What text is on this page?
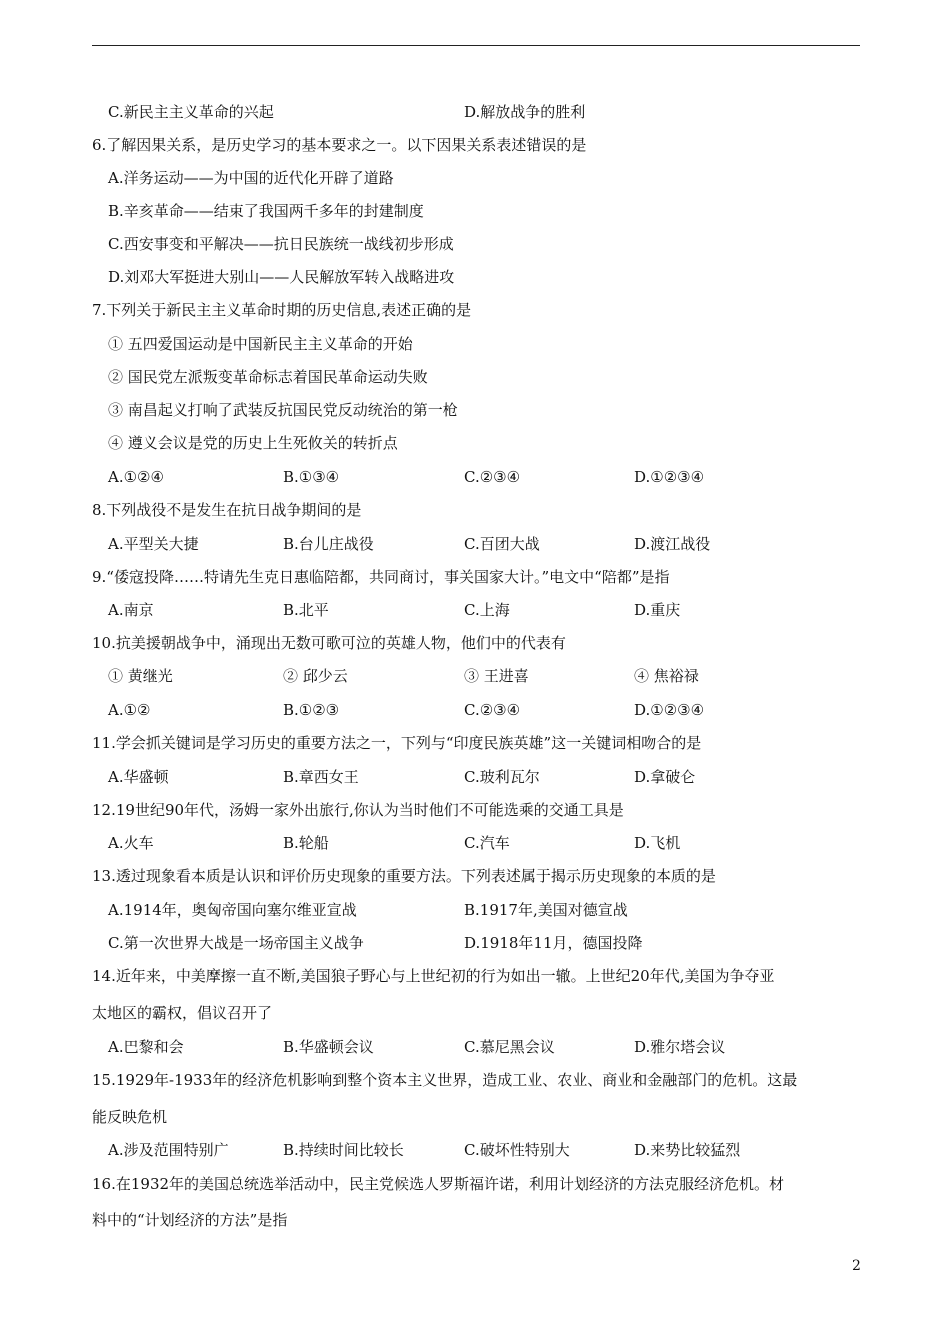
C.新民主主义革命的兴起	D.解放战争的胜利
6.了解因果关系，是历史学习的基本要求之一。以下因果关系表述错误的是
A.洋务运动——为中国的近代化开辟了道路
B.辛亥革命——结束了我国两千多年的封建制度
C.西安事变和平解决——抗日民族统一战线初步形成
D.刘邓大军挺进大别山——人民解放军转入战略进攻
7.下列关于新民主主义革命时期的历史信息,表述正确的是
① 五四爱国运动是中国新民主主义革命的开始
② 国民党左派叛变革命标志着国民革命运动失败
③ 南昌起义打响了武装反抗国民党反动统治的第一枪
④ 遵义会议是党的历史上生死攸关的转折点
A.①②④	B.①③④	C.②③④	D.①②③④
8.下列战役不是发生在抗日战争期间的是
A.平型关大捷	B.台儿庄战役	C.百团大战	D.渡江战役
9.“倭寇投降……特请先生克日惠临陪都，共同商讨，事关国家大计。”电文中“陪都”是指
A.南京	B.北平	C.上海	D.重庆
10.抗美援朝战争中，涌现出无数可歌可泣的英雄人物，他们中的代表有
① 黄继光	② 邱少云	③ 王进喜	④ 焦裕禄
A.①②	B.①②③	C.②③④	D.①②③④
11.学会抓关键词是学习历史的重要方法之一，下列与“印度民族英雄”这一关键词相吻合的是
A.华盛顿	B.章西女王	C.玻利瓦尔	D.拿破仑
12.19世纪90年代，汤姆一家外出旅行,你认为当时他们不可能选乘的交通工具是
A.火车	B.轮船	C.汽车	D.飞机
13.透过现象看本质是认识和评价历史现象的重要方法。下列表述属于揭示历史现象的本质的是
A.1914年，奥匈帝国向塞尔维亚宣战	B.1917年,美国对德宣战
C.第一次世界大战是一场帝国主义战争	D.1918年11月，德国投降
14.近年来，中美摩擦一直不断,美国狼子野心与上世纪初的行为如出一辙。上世纪20年代,美国为争夺亚
太地区的霸权，倡议召开了
A.巴黎和会	B.华盛顿会议	C.慕尼黑会议	D.雅尔塔会议
15.1929年-1933年的经济危机影响到整个资本主义世界，造成工业、农业、商业和金融部门的危机。这最
能反映危机
A.涉及范围特别广	B.持续时间比较长	C.破坏性特别大	D.来势比较猛烈
16.在1932年的美国总统选举活动中，民主党候选人罗斯福许诺，利用计划经济的方法克服经济危机。材
料中的“计划经济的方法”是指
2
